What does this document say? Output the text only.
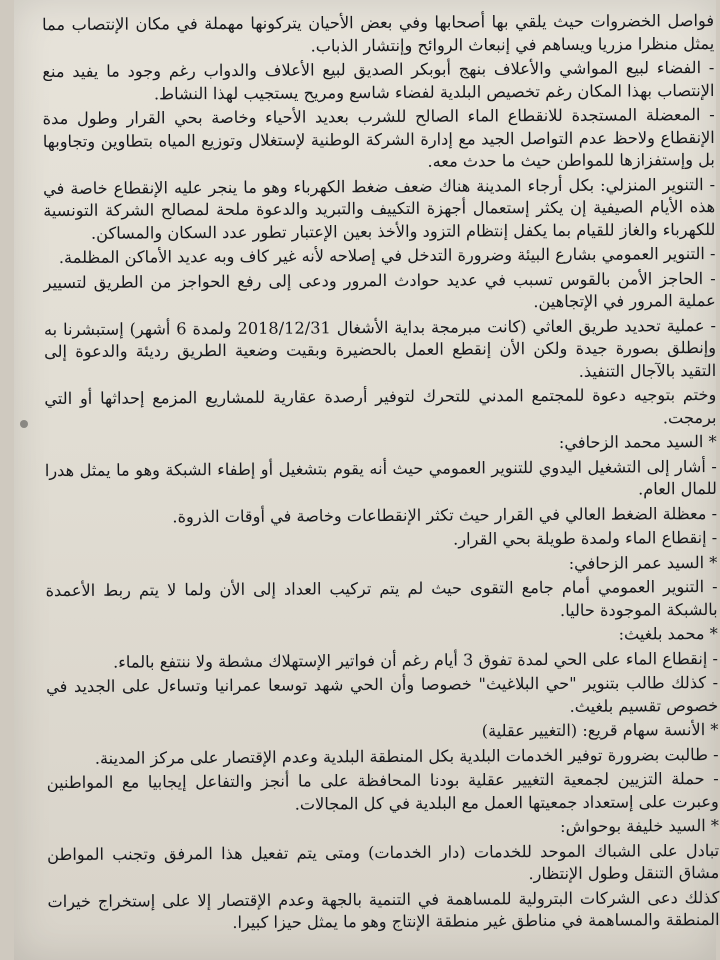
فواصل الخضروات حيث يلقي بها أصحابها وفي بعض الأحيان يتركونها مهملة في مكان الإنتصاب مما يمثل منظرا مزريا ويساهم في إنبعاث الروائح وإنتشار الذباب.

- الفضاء لبيع المواشي والأعلاف بنهج أبوبكر الصديق لبيع الأعلاف والدواب رغم وجود ما يفيد منع الإنتصاب بهذا المكان رغم تخصيص البلدية لفضاء شاسع ومريح يستجيب لهذا النشاط.

- المعضلة المستجدة للانقطاع الماء الصالح للشرب بعديد الأحياء وخاصة بحي القرار وطول مدة الإنقطاع ولاحظ عدم التواصل الجيد مع إدارة الشركة الوطنية لإستغلال وتوزيع المياه بتطاوين وتجاوبها بل وإستفزازها للمواطن حيث ما حدث معه.

- التنوير المنزلي: بكل أرجاء المدينة هناك ضعف ضغط الكهرباء وهو ما ينجر عليه الإنقطاع خاصة في هذه الأيام الصيفية إن يكثر إستعمال أجهزة التكييف والتبريد والدعوة ملحة لمصالح الشركة التونسية للكهرباء والغاز للقيام بما يكفل إنتظام التزود والأخذ بعين الإعتبار تطور عدد السكان والمساكن.

- التنوير العمومي بشارع البيئة وضرورة التدخل في إصلاحه لأنه غير كاف وبه عديد الأماكن المظلمة.

- الحاجز الأمن بالقوس تسبب في عديد حوادث المرور ودعى إلى رفع الحواجز من الطريق لتسيير عملية المرور في الإتجاهين.

- عملية تحديد طريق العاثي (كانت مبرمجة بداية الأشغال 2018/12/31 ولمدة 6 أشهر) إستبشرنا به وإنطلق بصورة جيدة ولكن الأن إنقطع العمل بالحضيرة وبقيت وضعية الطريق رديئة والدعوة إلى التقيد بالآجال التنفيذ.

وختم بتوجيه دعوة للمجتمع المدني للتحرك لتوفير أرصدة عقارية للمشاريع المزمع إحداثها أو التي برمجت.

* السيد محمد الزحافي:

- أشار إلى التشغيل اليدوي للتنوير العمومي حيث أنه يقوم بتشغيل أو إطفاء الشبكة وهو ما يمثل هدرا للمال العام.

- معظلة الضغط العالي في القرار حيث تكثر الإنقطاعات وخاصة في أوقات الذروة.

- إنقطاع الماء ولمدة طويلة بحي القرار.

* السيد عمر الزحافي:

- التنوير العمومي أمام جامع التقوى حيث لم يتم تركيب العداد إلى الأن ولما لا يتم ربط الأعمدة بالشبكة الموجودة حاليا.

* محمد بلغيث:

- إنقطاع الماء على الحي لمدة تفوق 3 أيام رغم أن فواتير الإستهلاك مشطة ولا ننتفع بالماء.

- كذلك طالب بتنوير "حي البلاغيث" خصوصا وأن الحي شهد توسعا عمرانيا وتساءل على الجديد في خصوص تقسيم بلغيث.

* الأنسة سهام قريع: (التغيير عقلية)

- طالبت بضرورة توفير الخدمات البلدية بكل المنطقة البلدية وعدم الإقتصار على مركز المدينة.

- حملة التزيين لجمعية التغيير عقلية بودنا المحافظة على ما أنجز والتفاعل إيجابيا مع المواطنين وعبرت على إستعداد جمعيتها العمل مع البلدية في كل المجالات.

* السيد خليفة بوحواش:

تبادل على الشباك الموحد للخدمات (دار الخدمات) ومتى يتم تفعيل هذا المرفق وتجنب المواطن مشاق التنقل وطول الإنتظار.

كذلك دعى الشركات البترولية للمساهمة في التنمية بالجهة وعدم الإقتصار إلا على إستخراج خيرات المنطقة والمساهمة في مناطق غير منطقة الإنتاج وهو ما يمثل حيزا كبيرا.
